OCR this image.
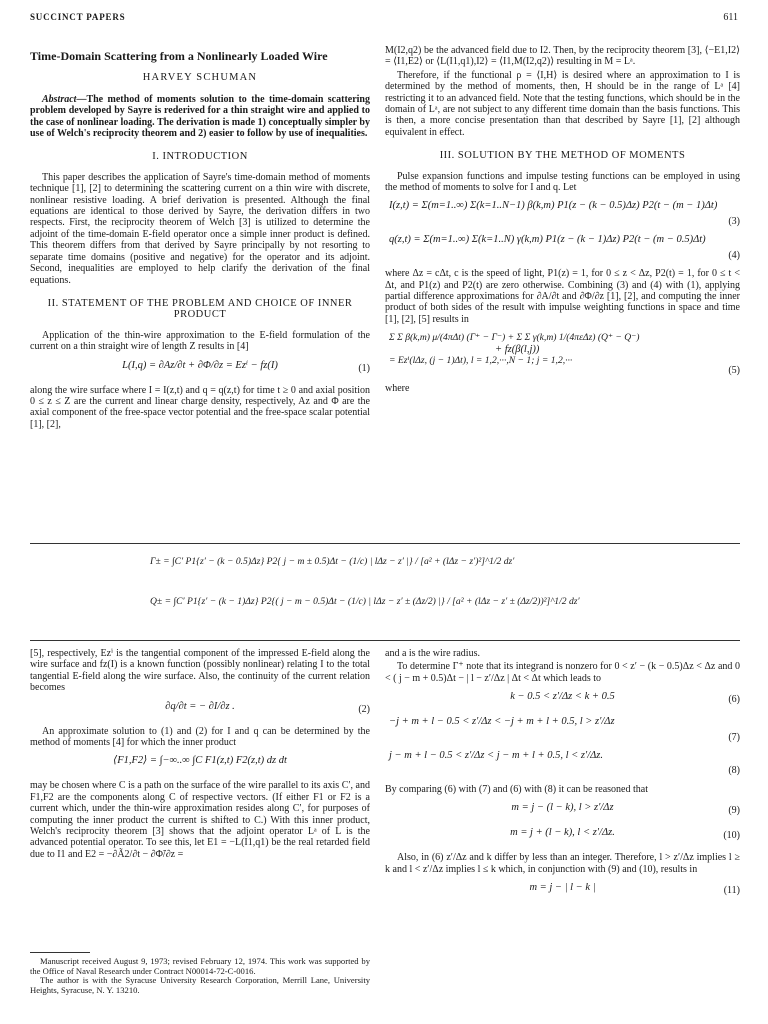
SUCCINCT PAPERS	611
Time-Domain Scattering from a Nonlinearly Loaded Wire
HARVEY SCHUMAN
Abstract—The method of moments solution to the time-domain scattering problem developed by Sayre is rederived for a thin straight wire and applied to the case of nonlinear loading. The derivation is made 1) conceptually simpler by use of Welch's reciprocity theorem and 2) easier to follow by use of inequalities.
I. INTRODUCTION

This paper describes the application of Sayre's time-domain method of moments technique [1], [2] to determining the scattering current on a thin wire with discrete, nonlinear resistive loading. A brief derivation is presented. Although the final equations are identical to those derived by Sayre, the derivation differs in two respects. First, the reciprocity theorem of Welch [3] is utilized to determine the adjoint of the time-domain E-field operator once a simple inner product is defined. This theorem differs from that derived by Sayre principally by not resorting to separate time domains (positive and negative) for the operator and its adjoint. Second, inequalities are employed to help clarify the derivation of the final equations.

II. STATEMENT OF THE PROBLEM AND CHOICE OF INNER PRODUCT

Application of the thin-wire approximation to the E-field formulation of the current on a thin straight wire of length Z results in [4]

L(I,q) = ∂Az/∂t + ∂Φ/∂z = Ezⁱ − fz(I)	(1)

along the wire surface where I = I(z,t) and q = q(z,t) for time t ≥ 0 and axial position 0 ≤ z ≤ Z are the current and linear charge density, respectively, Az and Φ are the axial component of the free-space vector potential and the free-space scalar potential [1], [2],

M(I2,q2) be the advanced field due to I2. Then, by the reciprocity theorem [3], ⟨−E1,I2⟩ = ⟨I1,E2⟩ or ⟨L(I1,q1),I2⟩ = ⟨I1,M(I2,q2)⟩ resulting in M = Lᵃ.

Therefore, if the functional ρ = ⟨I,H⟩ is desired where an approximation to I is determined by the method of moments, then, H should be in the range of Lᵃ [4] restricting it to an advanced field. Note that the testing functions, which should be in the domain of Lᵃ, are not subject to any different time domain than the basis functions. This is then, a more concise presentation than that described by Sayre [1], [2] although equivalent in effect.

III. SOLUTION BY THE METHOD OF MOMENTS

Pulse expansion functions and impulse testing functions can be employed in using the method of moments to solve for I and q. Let

I(z,t) = Σ(m=1..∞) Σ(k=1..N−1) β(k,m) P1(z − (k − 0.5)Δz) P2(t − (m − 1)Δt)
(3)
q(z,t) = Σ(m=1..∞) Σ(k=1..N) γ(k,m) P1(z − (k − 1)Δz) P2(t − (m − 0.5)Δt)
(4)

where Δz = cΔt, c is the speed of light, P1(z) = 1, for 0 ≤ z < Δz, P2(t) = 1, for 0 ≤ t < Δt, and P1(z) and P2(t) are zero otherwise. Combining (3) and (4) with (1), applying partial difference approximations for ∂A/∂t and ∂Φ/∂z [1], [2], and computing the inner product of both sides of the result with impulse weighting functions in space and time [1], [2], [5] results in

Σ Σ β(k,m) μ/(4πΔt) (Γ⁺ − Γ⁻) + Σ Σ γ(k,m) 1/(4πεΔz) (Q⁺ − Q⁻)
+ fz(β(l,j))
= Ezⁱ(lΔz, (j − 1)Δt), l = 1,2,···,N − 1; j = 1,2,···
(5)

where

Γ± = ∫C′ P1{z′ − (k − 0.5)Δz} P2{ j − m ± 0.5)Δt − (1/c) | lΔz − z′ |} / [a² + (lΔz − z′)²]^1/2 dz′
Q± = ∫C′ P1{z′ − (k − 1)Δz} P2{( j − m − 0.5)Δt − (1/c) | lΔz − z′ ± (Δz/2) |} / [a² + (lΔz − z′ ± (Δz/2))²]^1/2 dz′

[5], respectively, Ezⁱ is the tangential component of the impressed E-field along the wire surface and fz(I) is a known function (possibly nonlinear) relating I to the total tangential E-field along the wire surface. Also, the continuity of the current relation becomes

∂q/∂t = − ∂I/∂z .	(2)

An approximate solution to (1) and (2) for I and q can be determined by the method of moments [4] for which the inner product

⟨F1,F2⟩ = ∫−∞..∞ ∫C F1(z,t) F2(z,t) dz dt

may be chosen where C is a path on the surface of the wire parallel to its axis C′, and F1,F2 are the components along C of respective vectors. (If either F1 or F2 is a current which, under the thin-wire approximation resides along C′, for purposes of computing the inner product the current is shifted to C.) With this inner product, Welch's reciprocity theorem [3] shows that the adjoint operator Lᵃ of L is the advanced potential operator. To see this, let E1 = −L(I1,q1) be the real retarded field due to I1 and E2 = −∂Ã2/∂t − ∂Φ̃/∂z =

and a is the wire radius.

To determine Γ⁺ note that its integrand is nonzero for 0 < z′ − (k − 0.5)Δz < Δz and 0 < ( j − m + 0.5)Δt − | l − z′/Δz | Δt < Δt which leads to

k − 0.5 < z′/Δz < k + 0.5	(6)
−j + m + l − 0.5 < z′/Δz < −j + m + l + 0.5, l > z′/Δz
(7)
j − m + l − 0.5 < z′/Δz < j − m + l + 0.5, l < z′/Δz.
(8)

By comparing (6) with (7) and (6) with (8) it can be reasoned that

m = j − (l − k), l > z′/Δz	(9)
m = j + (l − k), l < z′/Δz.	(10)

Also, in (6) z′/Δz and k differ by less than an integer. Therefore, l > z′/Δz implies l ≥ k and l < z′/Δz implies l ≤ k which, in conjunction with (9) and (10), results in

m = j − | l − k |	(11)

Manuscript received August 9, 1973; revised February 12, 1974. This work was supported by the Office of Naval Research under Contract N00014-72-C-0016.

The author is with the Syracuse University Research Corporation, Merrill Lane, University Heights, Syracuse, N. Y. 13210.
